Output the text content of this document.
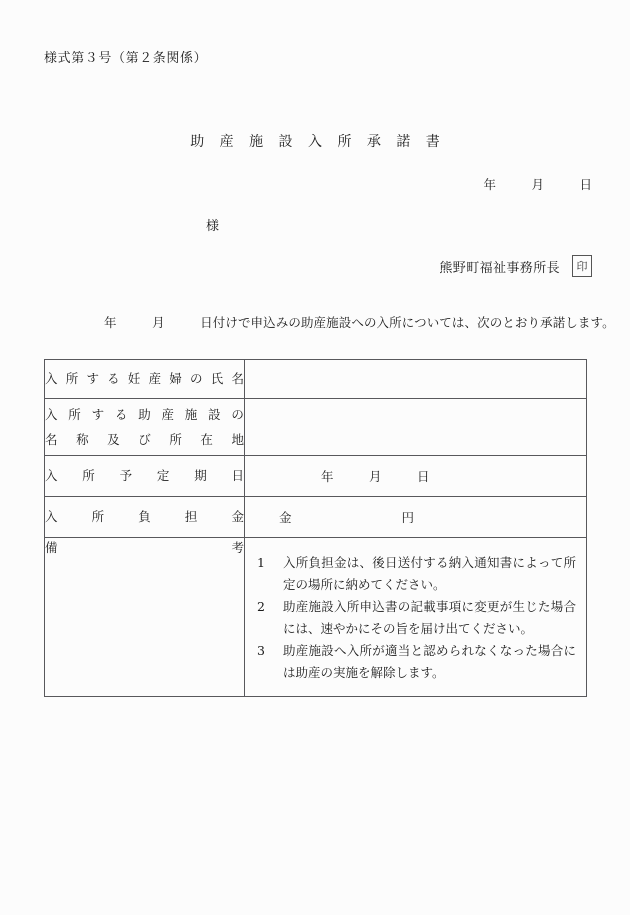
様式第３号（第２条関係）
助 産 施 設 入 所 承 諾 書
年	月	日
様
熊野町福祉事務所長	印
年	月	日付けで申込みの助産施設への入所については、次のとおり承諾します。
入 所 す る 妊 産 婦 の 氏 名

入 所 す る 助 産 施 設 の
名 称 及 び 所 在 地

入 所 予 定 期 日	年	月	日

入 所 負 担 金	金 円

備	考

1	入所負担金は、後日送付する納入通知書によって所定の場所に納めてください。
2	助産施設入所申込書の記載事項に変更が生じた場合には、速やかにその旨を届け出てください。
3	助産施設へ入所が適当と認められなくなった場合には助産の実施を解除します。
